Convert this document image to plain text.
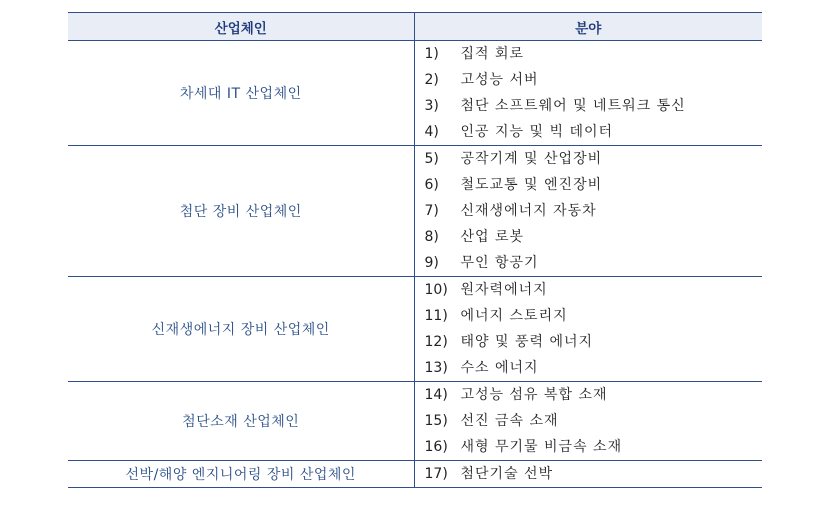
산업체인	분야
차세대 IT 산업체인	1) 집적 회로
2) 고성능 서버
3) 첨단 소프트웨어 및 네트워크 통신
4) 인공 지능 및 빅 데이터

첨단 장비 산업체인	5) 공작기계 및 산업장비
6) 철도교통 및 엔진장비
7) 신재생에너지 자동차
8) 산업 로봇
9) 무인 항공기

신재생에너지 장비 산업체인	10) 원자력에너지
11) 에너지 스토리지
12) 태양 및 풍력 에너지
13) 수소 에너지

첨단소재 산업체인	14) 고성능 섬유 복합 소재
15) 선진 금속 소재
16) 새형 무기물 비금속 소재

선박/해양 엔지니어링 장비 산업체인	17) 첨단기술 선박
